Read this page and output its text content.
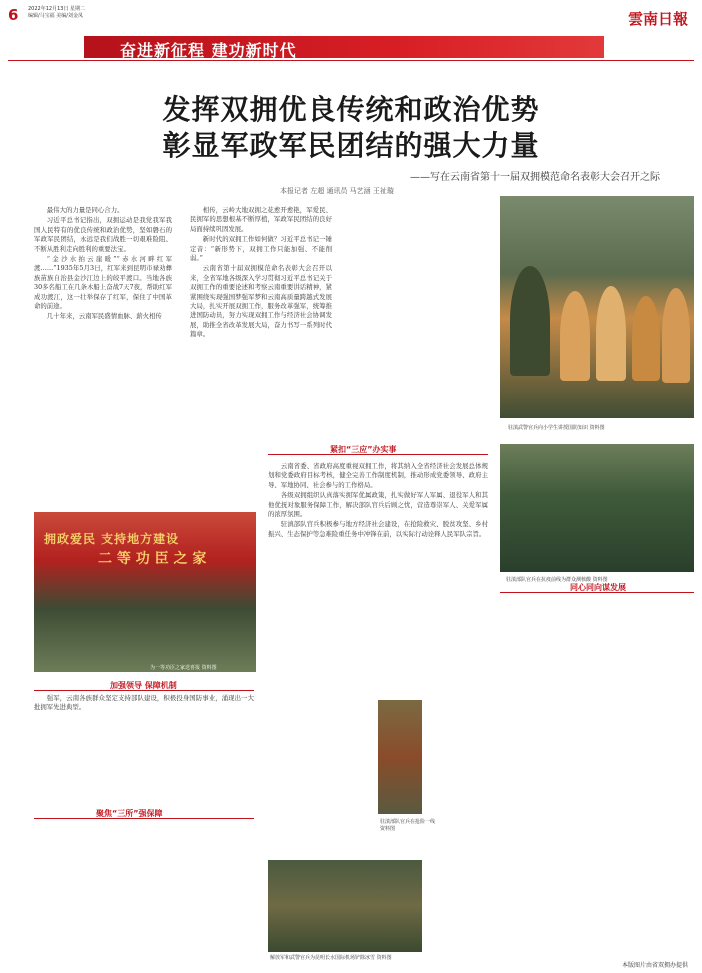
6 2022年12月13日 星期二
编辑/马宝福 美编/刘金凤
奋进新征程 建功新时代
雲南日報
发挥双拥优良传统和政治优势
彰显军政军民团结的强大力量
——写在云南省第十一届双拥模范命名表彰大会召开之际
本报记者 左超 通讯员 马艺涵 王祉璇

最伟大的力量是同心合力。

习近平总书记指出，双拥运动是我党我军我国人民特有的优良传统和政治优势，坚如磐石的军政军民团结，永远是我们战胜一切艰难险阻、不断从胜利走向胜利的重要法宝。

“金沙水拍云崖暖”“赤水河畔红军渡……”1935年5月3日，红军来到昆明市禄劝彝族苗族自治县金沙江边上的皎平渡口。当地各族30多名船工在几条木船上奋战7天7夜，帮助红军成功渡江，这一壮举保存了红军，保住了中国革命的前途。

几十年来，云南军民盛情血脉、薪火相传

相传，云岭大地双拥之花愈开愈艳，军爱民、民拥军的思想根基不断厚植，军政军民团结的良好局面持续巩固发展。

新时代的双拥工作如何做？习近平总书记一锤定音：“新形势下，双拥工作只能加强、不能削弱。”

云南省第十届双拥模范命名表彰大会召开以来，全省军地各级深入学习贯彻习近平总书记关于双拥工作的重要论述和考察云南重要讲话精神，紧紧围绕实现强国梦强军梦和云南高质量跨越式发展大局，扎实开展双拥工作，服务改革强军，统筹推进国防动员，努力实现双拥工作与经济社会协调发展，助推全省改革发展大局，奋力书写一系列时代篇章。

驻滇武警官兵向小学生讲授国防知识 资料图
拥政爱民 支持地方建设
二 等 功 臣 之 家
为一等功臣之家送喜报 资料图
加强领导 保障机制
聚焦“三所”强保障
紧扣“三应”办实事

云南省委、省政府高度重视双拥工作，将其纳入全省经济社会发展总体规划和党委政府目标考核，健全完善工作制度机制，推动形成党委领导、政府主导、军地协同、社会参与的工作格局。

各级双拥组织认真落实拥军优属政策，扎实做好军人军属、退役军人和其他优抚对象服务保障工作，解决部队官兵后顾之忧，营造尊崇军人、关爱军属的浓厚氛围。

驻滇部队官兵积极参与地方经济社会建设，在抢险救灾、脱贫攻坚、乡村振兴、生态保护等急难险重任务中冲锋在前，以实际行动诠释人民军队宗旨。

驻滇部队官兵在抗疫前线为群众测核酸 资料图
同心同向谋发展

强军，云南各族群众坚定支持部队建设，积极投身国防事业，涌现出一大批拥军先进典型。

驻滇部队官兵在抢险一线 资料图
解放军和武警官兵为昆明长水国际机场铲除冰雪 资料图
本版图片由省双拥办提供
